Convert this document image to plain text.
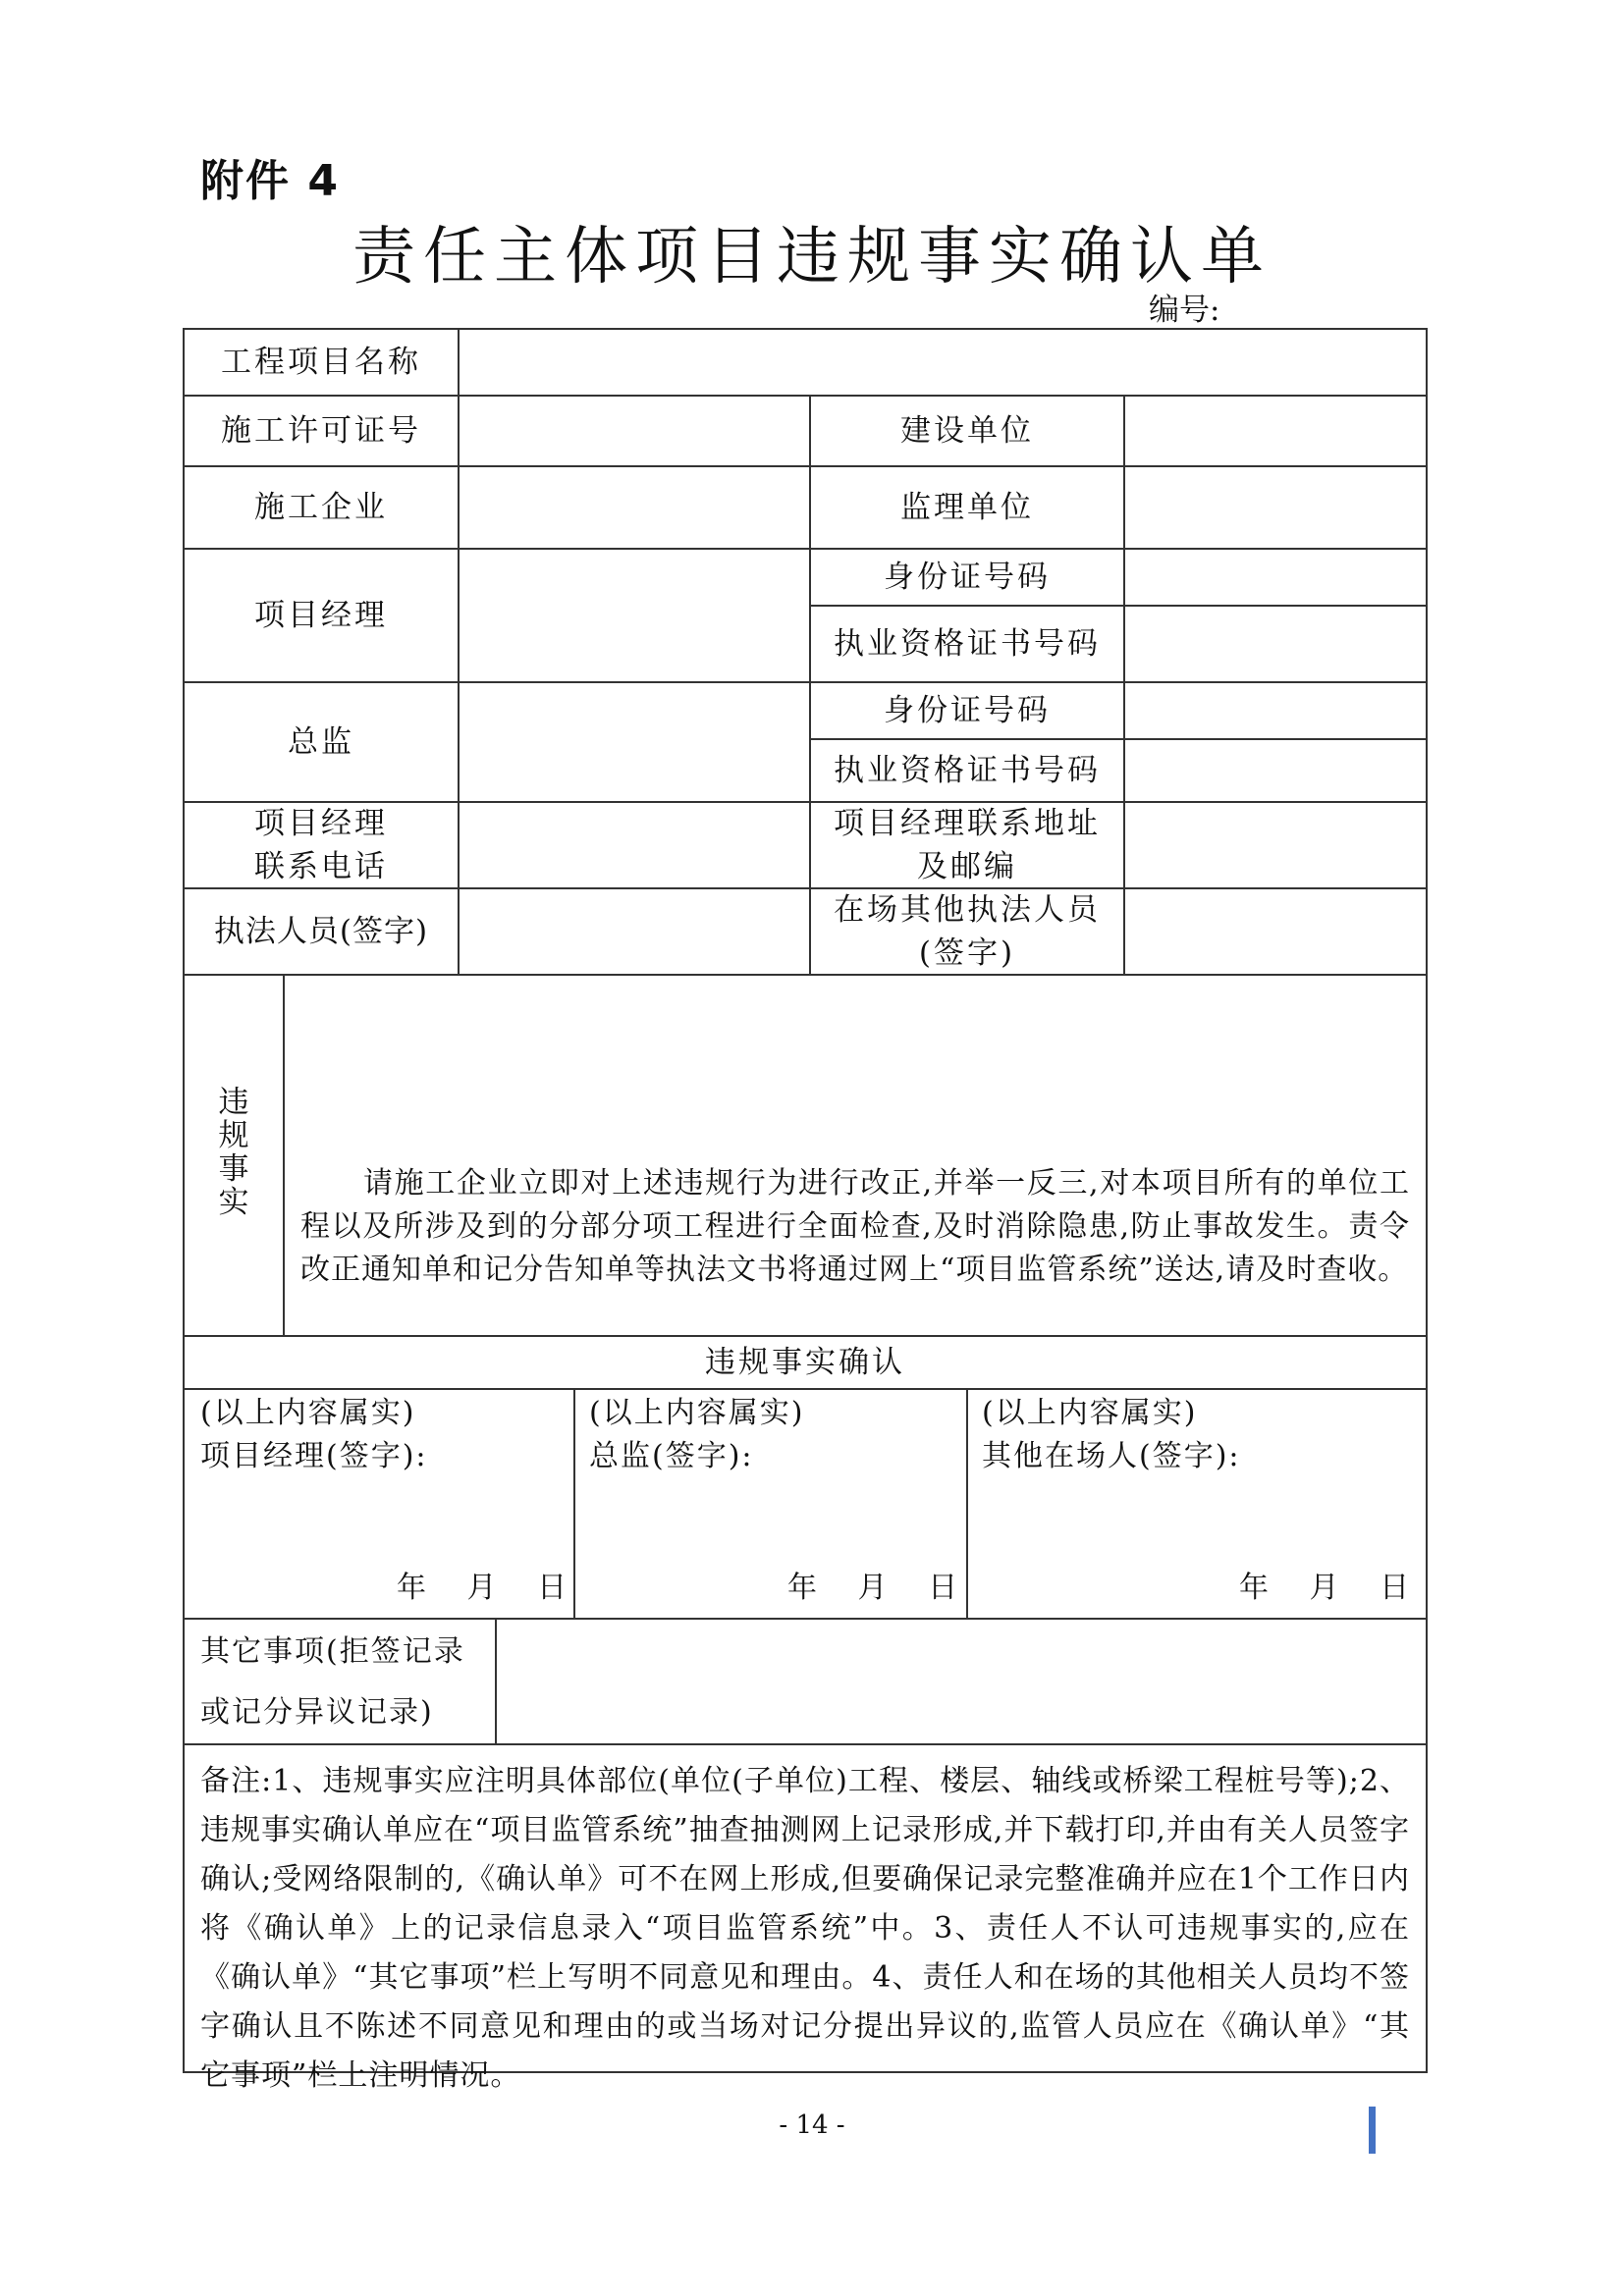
附件 4
责任主体项目违规事实确认单
编号:
工程项目名称
施工许可证号	建设单位
施工企业	监理单位
项目经理
身份证号码
执业资格证书号码
总监
身份证号码
执业资格证书号码
项目经理
联系电话
项目经理联系地址
及邮编
执法人员(签字)
在场其他执法人员
(签字)
违规事实
请施工企业立即对上述违规行为进行改正,并举一反三,对本项目所有的单位工程以及所涉及到的分部分项工程进行全面检查,及时消除隐患,防止事故发生。责令改正通知单和记分告知单等执法文书将通过网上“项目监管系统”送达,请及时查收。
违规事实确认
(以上内容属实)
项目经理(签字):
年 月 日
(以上内容属实)
总监(签字):
年 月 日
(以上内容属实)
其他在场人(签字):
年 月 日
其它事项(拒签记录
或记分异议记录)
备注:1、违规事实应注明具体部位(单位(子单位)工程、楼层、轴线或桥梁工程桩号等);2、违规事实确认单应在“项目监管系统”抽查抽测网上记录形成,并下载打印,并由有关人员签字确认;受网络限制的,《确认单》可不在网上形成,但要确保记录完整准确并应在1个工作日内将《确认单》上的记录信息录入“项目监管系统”中。3、责任人不认可违规事实的,应在《确认单》“其它事项”栏上写明不同意见和理由。4、责任人和在场的其他相关人员均不签字确认且不陈述不同意见和理由的或当场对记分提出异议的,监管人员应在《确认单》“其它事项”栏上注明情况。
- 14 -
